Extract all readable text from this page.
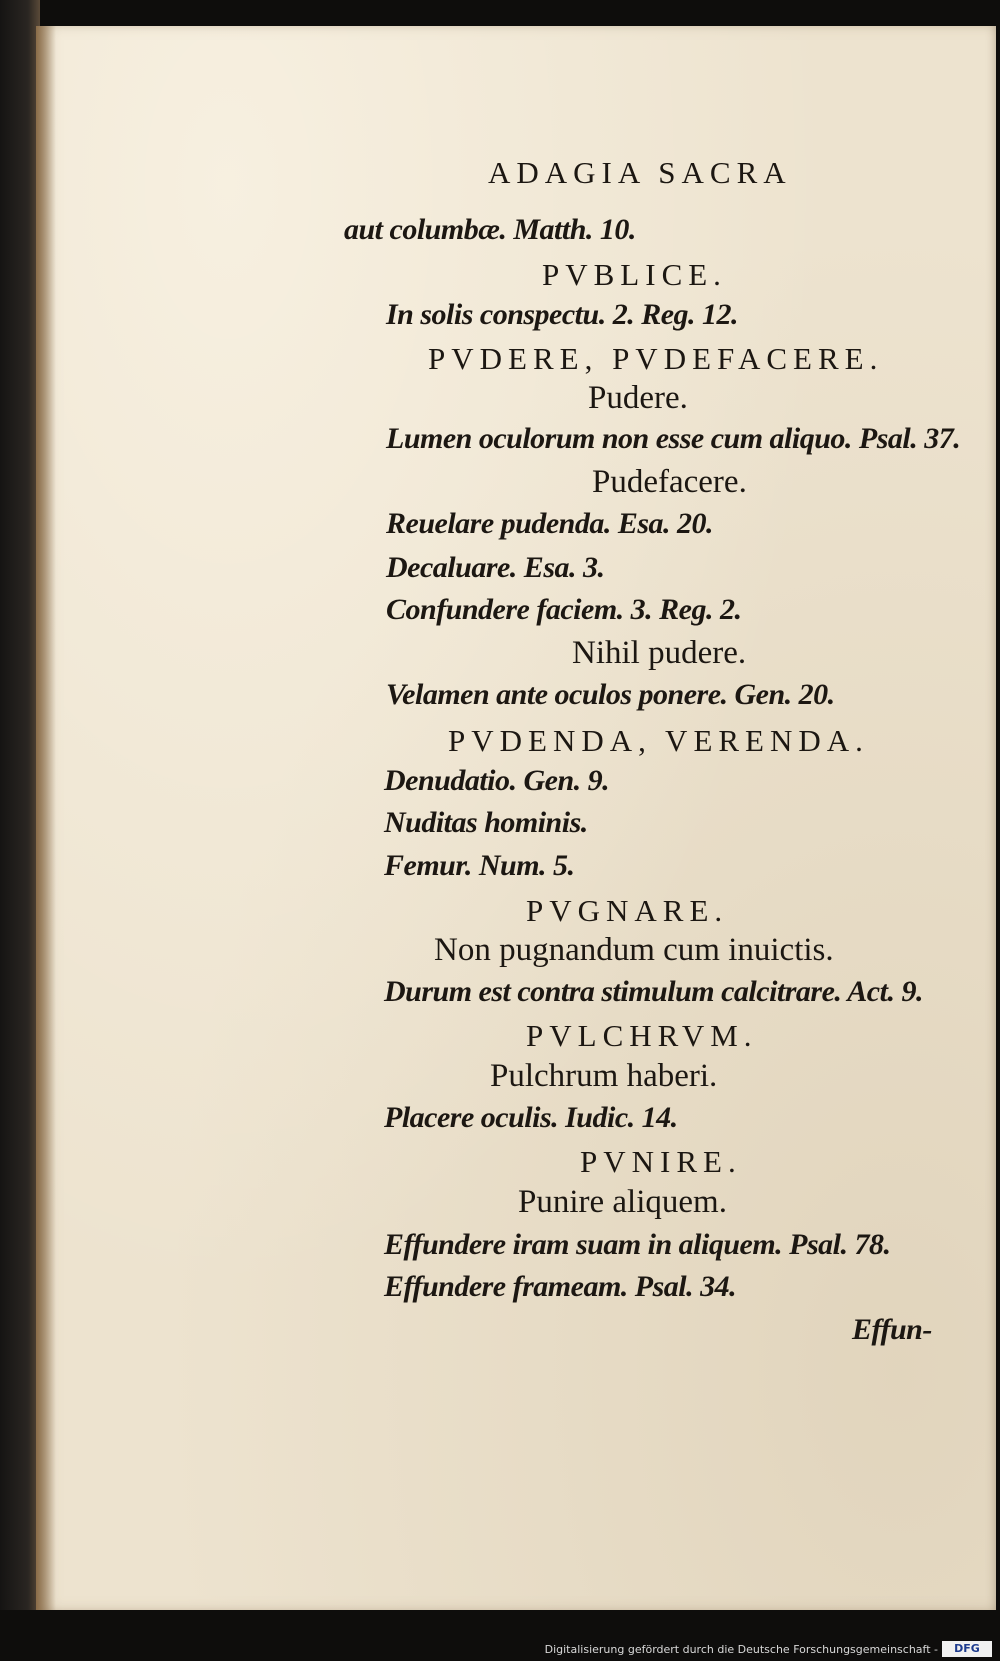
ADAGIA SACRA
aut columbæ. Matth. 10.
PVBLICE.
In solis conspectu. 2. Reg. 12.
PVDERE, PVDEFACERE.
Pudere.
Lumen oculorum non esse cum aliquo. Psal. 37.
Pudefacere.
Reuelare pudenda. Esa. 20.
Decaluare. Esa. 3.
Confundere faciem. 3. Reg. 2.
Nihil pudere.
Velamen ante oculos ponere. Gen. 20.
PVDENDA, VERENDA.
Denudatio. Gen. 9.
Nuditas hominis.
Femur. Num. 5.
PVGNARE.
Non pugnandum cum inuictis.
Durum est contra stimulum calcitrare. Act. 9.
PVLCHRVM.
Pulchrum haberi.
Placere oculis. Iudic. 14.
PVNIRE.
Punire aliquem.
Effundere iram suam in aliquem. Psal. 78.
Effundere frameam. Psal. 34.
Effun-
Digitalisierung gefördert durch die Deutsche Forschungsgemeinschaft -	DFG
